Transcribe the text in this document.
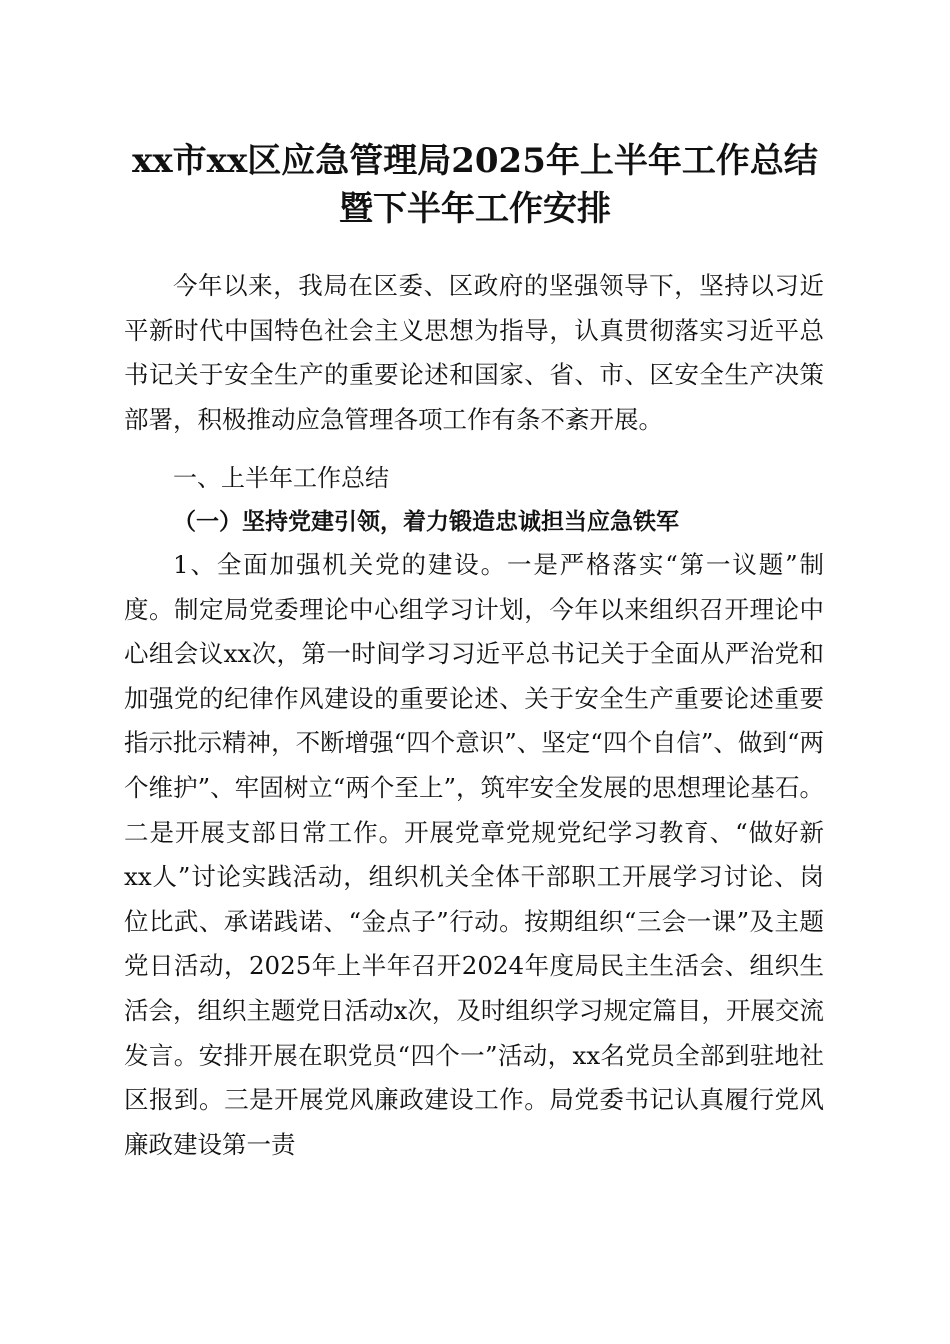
xx市xx区应急管理局2025年上半年工作总结
暨下半年工作安排

今年以来，我局在区委、区政府的坚强领导下，坚持以习近平新时代中国特色社会主义思想为指导，认真贯彻落实习近平总书记关于安全生产的重要论述和国家、省、市、区安全生产决策部署，积极推动应急管理各项工作有条不紊开展。

一、上半年工作总结
（一）坚持党建引领，着力锻造忠诚担当应急铁军

1、全面加强机关党的建设。一是严格落实“第一议题”制度。制定局党委理论中心组学习计划，今年以来组织召开理论中心组会议xx次，第一时间学习习近平总书记关于全面从严治党和加强党的纪律作风建设的重要论述、关于安全生产重要论述重要指示批示精神，不断增强“四个意识”、坚定“四个自信”、做到“两个维护”、牢固树立“两个至上”，筑牢安全发展的思想理论基石。二是开展支部日常工作。开展党章党规党纪学习教育、“做好新xx人”讨论实践活动，组织机关全体干部职工开展学习讨论、岗位比武、承诺践诺、“金点子”行动。按期组织“三会一课”及主题党日活动，2025年上半年召开2024年度局民主生活会、组织生活会，组织主题党日活动x次，及时组织学习规定篇目，开展交流发言。安排开展在职党员“四个一”活动，xx名党员全部到驻地社区报到。三是开展党风廉政建设工作。局党委书记认真履行党风廉政建设第一责
